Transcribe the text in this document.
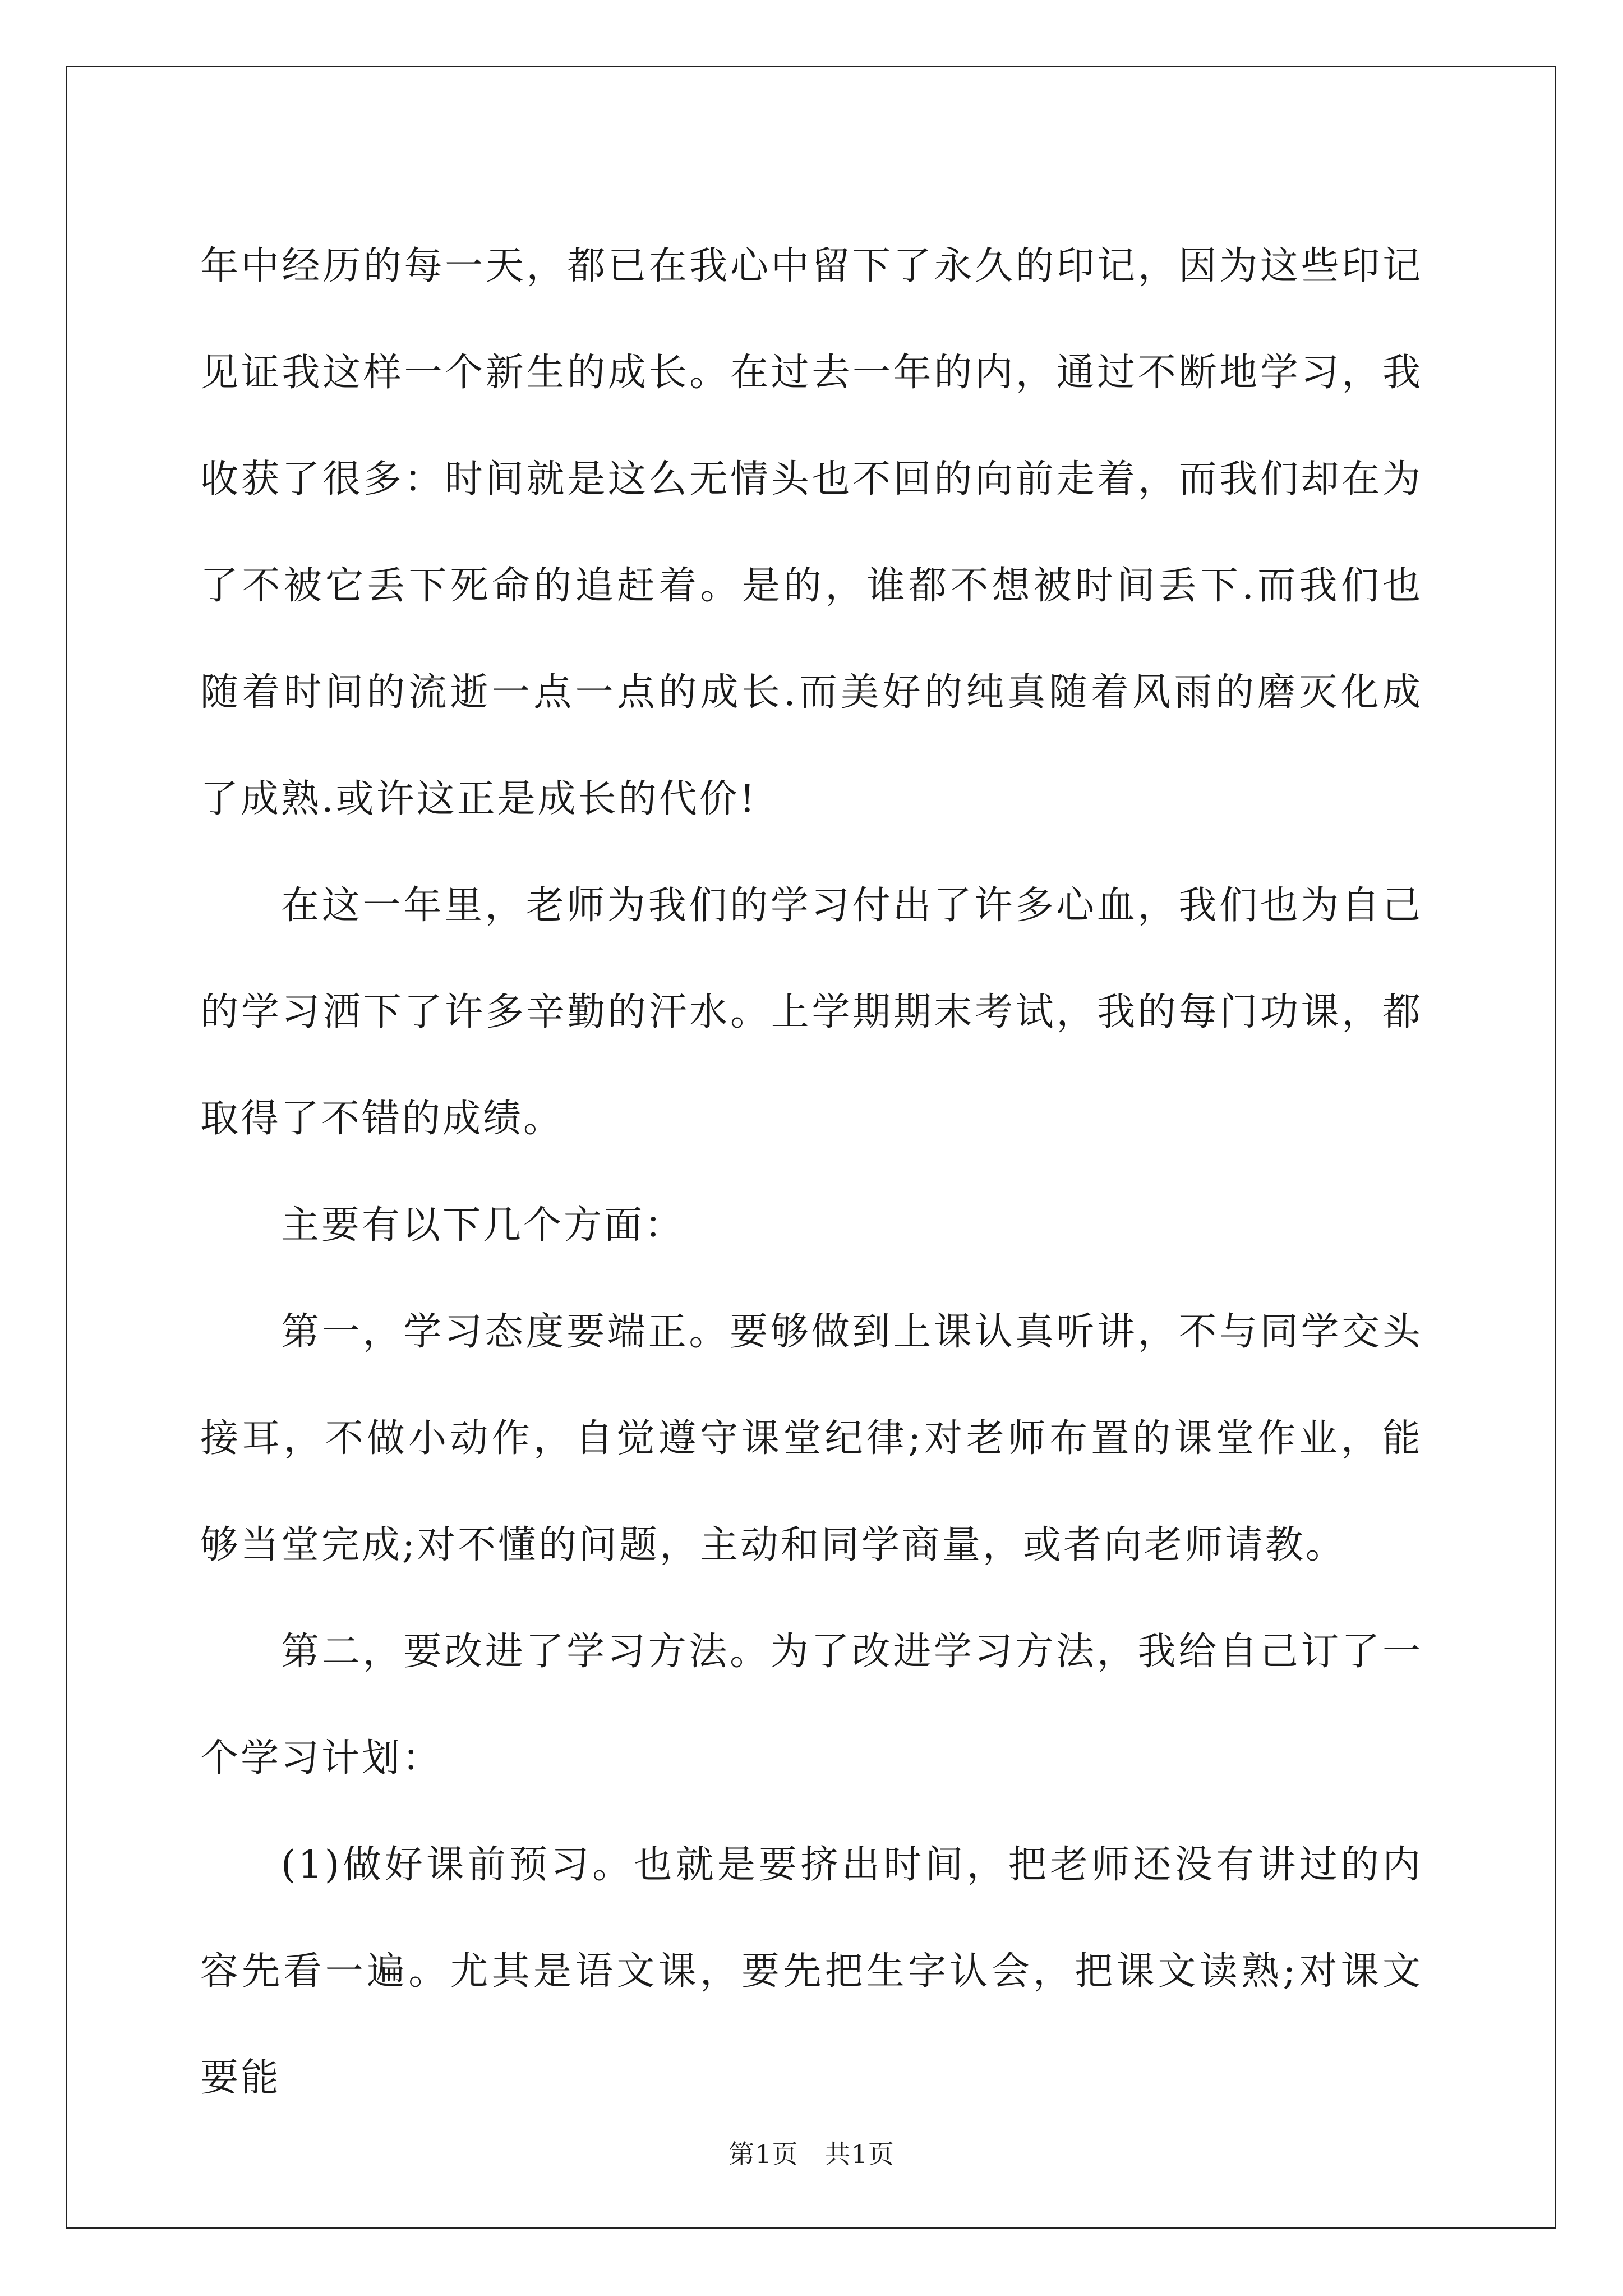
年中经历的每一天，都已在我心中留下了永久的印记，因为这些印记见证我这样一个新生的成长。在过去一年的内，通过不断地学习，我收获了很多：时间就是这么无情头也不回的向前走着，而我们却在为了不被它丢下死命的追赶着。是的，谁都不想被时间丢下.而我们也随着时间的流逝一点一点的成长.而美好的纯真随着风雨的磨灭化成了成熟.或许这正是成长的代价!

在这一年里，老师为我们的学习付出了许多心血，我们也为自己的学习洒下了许多辛勤的汗水。上学期期末考试，我的每门功课，都取得了不错的成绩。

主要有以下几个方面：

第一，学习态度要端正。要够做到上课认真听讲，不与同学交头接耳，不做小动作，自觉遵守课堂纪律;对老师布置的课堂作业，能够当堂完成;对不懂的问题，主动和同学商量，或者向老师请教。

第二，要改进了学习方法。为了改进学习方法，我给自己订了一个学习计划：

(1)做好课前预习。也就是要挤出时间，把老师还没有讲过的内容先看一遍。尤其是语文课，要先把生字认会，把课文读熟;对课文要能

第1页 共1页
